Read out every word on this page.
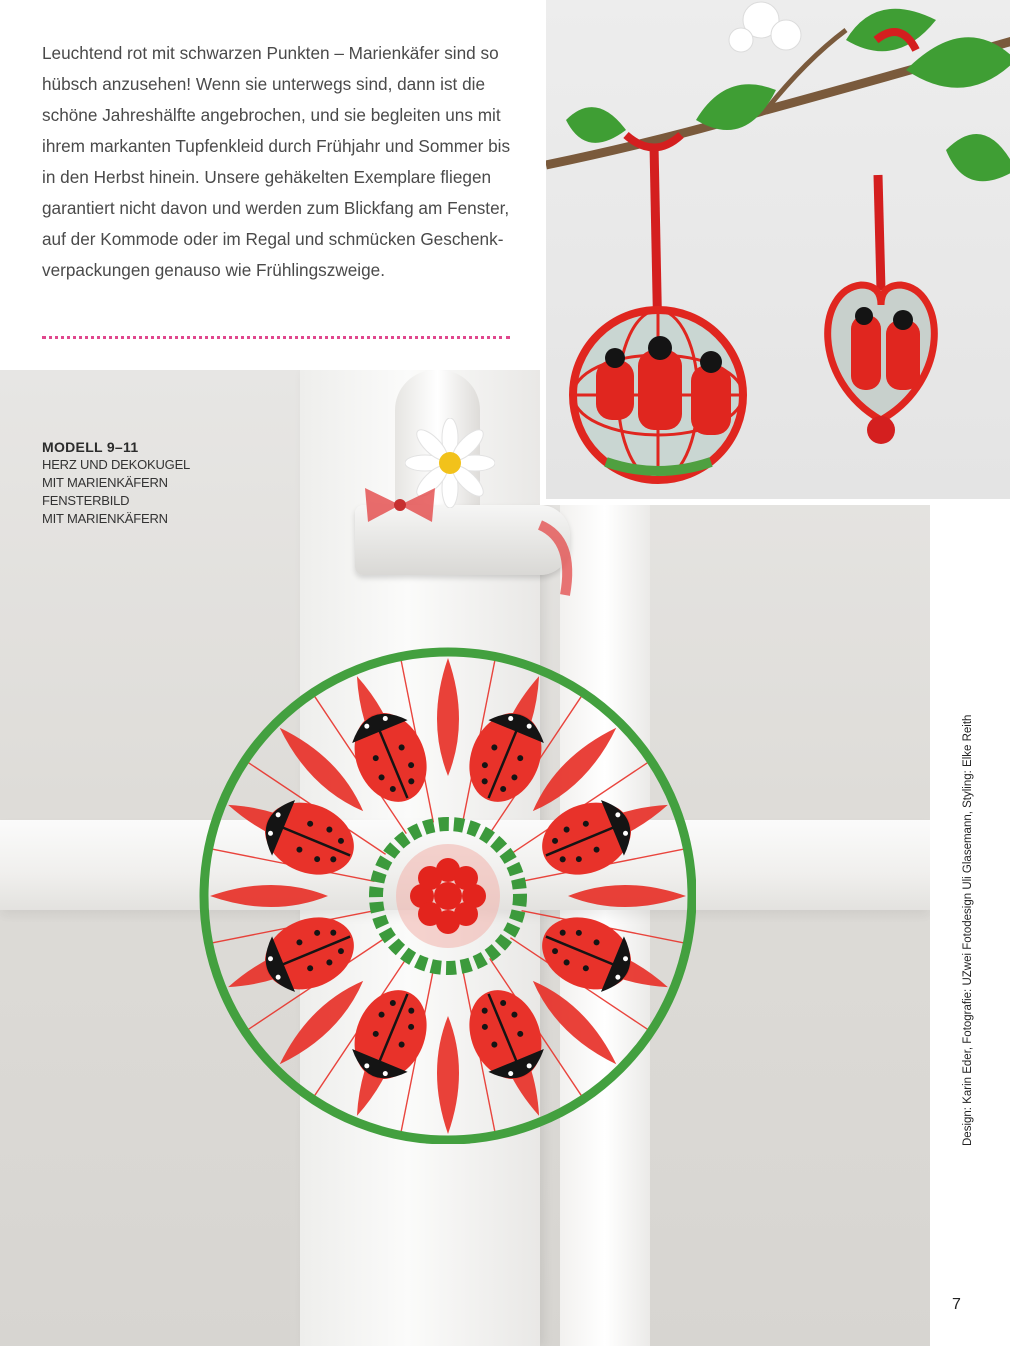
Leuchtend rot mit schwarzen Punkten – Marienkäfer sind so hübsch anzusehen! Wenn sie unterwegs sind, dann ist die schöne Jahreshälfte angebrochen, und sie begleiten uns mit ihrem markanten Tupfenkleid durch Frühjahr und Sommer bis in den Herbst hinein. Unsere gehäkelten Exemplare fliegen garantiert nicht davon und werden zum Blickfang am Fenster, auf der Kommode oder im Regal und schmücken Geschenk-verpackungen genauso wie Frühlingszweige.

MODELL 9–11
HERZ UND DEKOKUGEL
MIT MARIENKÄFERN
FENSTERBILD
MIT MARIENKÄFERN
Design: Karin Eder, Fotografie: UZwei Fotodesign Uli Glasemann, Styling: Elke Reith
7
